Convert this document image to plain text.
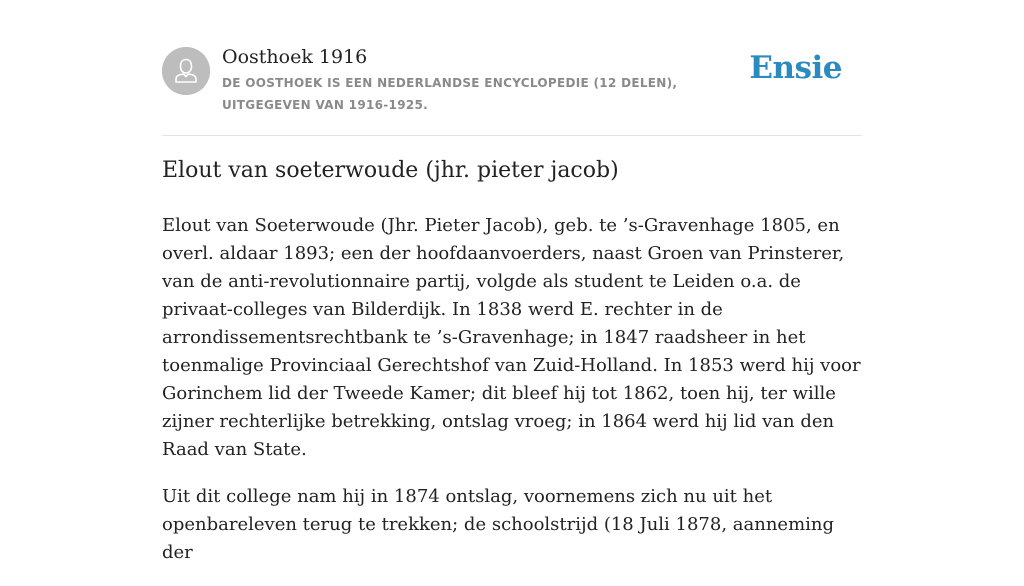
Oosthoek 1916
DE OOSTHOEK IS EEN NEDERLANDSE ENCYCLOPEDIE (12 DELEN), UITGEGEVEN VAN 1916-1925.
Ensie
Elout van soeterwoude (jhr. pieter jacob)

Elout van Soeterwoude (Jhr. Pieter Jacob), geb. te ’s-Gravenhage 1805, en overl. aldaar 1893; een der hoofdaanvoerders, naast Groen van Prinsterer, van de anti-revolutionnaire partij, volgde als student te Leiden o.a. de privaat-colleges van Bilderdijk. In 1838 werd E. rechter in de arrondissementsrechtbank te ’s-Gravenhage; in 1847 raadsheer in het toenmalige Provinciaal Gerechtshof van Zuid-Holland. In 1853 werd hij voor Gorinchem lid der Tweede Kamer; dit bleef hij tot 1862, toen hij, ter wille zijner rechterlijke betrekking, ontslag vroeg; in 1864 werd hij lid van den Raad van State.

Uit dit college nam hij in 1874 ontslag, voornemens zich nu uit het openbareleven terug te trekken; de schoolstrijd (18 Juli 1878, aanneming der
